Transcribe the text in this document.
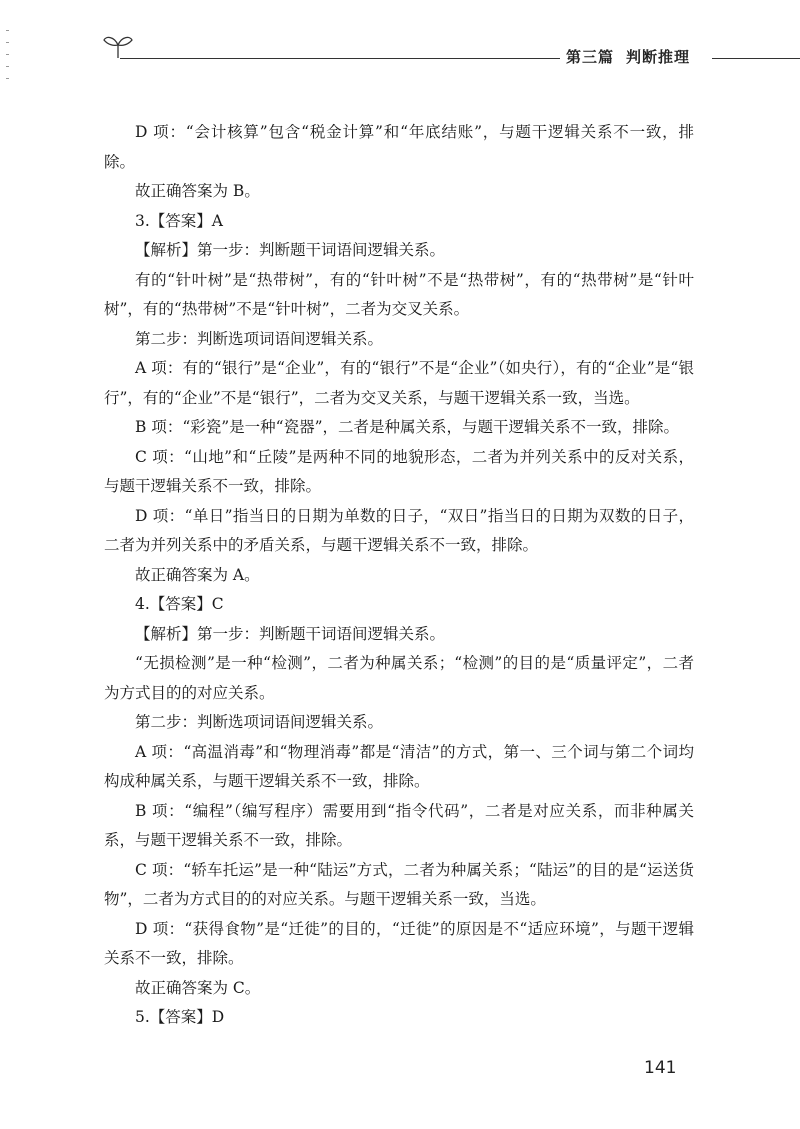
第三篇 判断推理

D 项：“会计核算”包含“税金计算”和“年底结账”，与题干逻辑关系不一致，排除。

故正确答案为 B。

3.【答案】A

【解析】第一步：判断题干词语间逻辑关系。

有的“针叶树”是“热带树”，有的“针叶树”不是“热带树”，有的“热带树”是“针叶树”，有的“热带树”不是“针叶树”，二者为交叉关系。

第二步：判断选项词语间逻辑关系。

A 项：有的“银行”是“企业”，有的“银行”不是“企业”（如央行），有的“企业”是“银行”，有的“企业”不是“银行”，二者为交叉关系，与题干逻辑关系一致，当选。

B 项：“彩瓷”是一种“瓷器”，二者是种属关系，与题干逻辑关系不一致，排除。

C 项：“山地”和“丘陵”是两种不同的地貌形态，二者为并列关系中的反对关系，与题干逻辑关系不一致，排除。

D 项：“单日”指当日的日期为单数的日子，“双日”指当日的日期为双数的日子，二者为并列关系中的矛盾关系，与题干逻辑关系不一致，排除。

故正确答案为 A。

4.【答案】C

【解析】第一步：判断题干词语间逻辑关系。

“无损检测”是一种“检测”，二者为种属关系；“检测”的目的是“质量评定”，二者为方式目的的对应关系。

第二步：判断选项词语间逻辑关系。

A 项：“高温消毒”和“物理消毒”都是“清洁”的方式，第一、三个词与第二个词均构成种属关系，与题干逻辑关系不一致，排除。

B 项：“编程”（编写程序）需要用到“指令代码”，二者是对应关系，而非种属关系，与题干逻辑关系不一致，排除。

C 项：“轿车托运”是一种“陆运”方式，二者为种属关系；“陆运”的目的是“运送货物”，二者为方式目的的对应关系。与题干逻辑关系一致，当选。

D 项：“获得食物”是“迁徙”的目的，“迁徙”的原因是不“适应环境”，与题干逻辑关系不一致，排除。

故正确答案为 C。

5.【答案】D

141
